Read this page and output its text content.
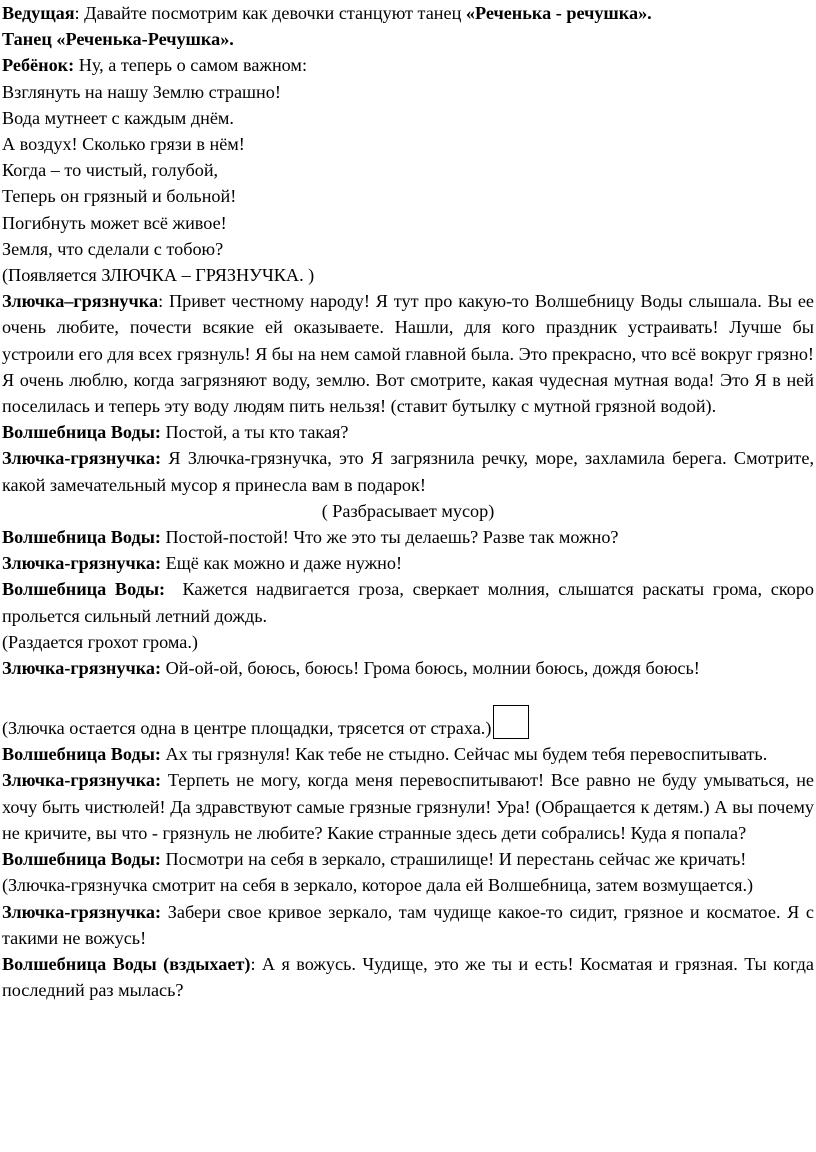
Ведущая: Давайте посмотрим как девочки станцуют танец «Реченька - речушка».

Танец «Реченька-Речушка».

Ребёнок: Ну, а теперь о самом важном:

Взглянуть на нашу Землю страшно!

Вода мутнеет с каждым днём.

А воздух! Сколько грязи в нём!

Когда – то чистый, голубой,

Теперь он грязный и больной!

Погибнуть может всё живое!

Земля, что сделали с тобою?

(Появляется ЗЛЮЧКА – ГРЯЗНУЧКА. )

Злючка–грязнучка: Привет честному народу! Я тут про какую-то Волшебницу Воды слышала. Вы ее очень любите, почести всякие ей оказываете. Нашли, для кого праздник устраивать! Лучше бы устроили его для всех грязнуль! Я бы на нем самой главной была. Это прекрасно, что всё вокруг грязно! Я очень люблю, когда загрязняют воду, землю. Вот смотрите, какая чудесная мутная вода! Это Я в ней поселилась и теперь эту воду людям пить нельзя! (ставит бутылку с мутной грязной водой).

Волшебница Воды: Постой, а ты кто такая?

Злючка-грязнучка: Я Злючка-грязнучка, это Я загрязнила речку, море, захламила берега. Смотрите, какой замечательный мусор я принесла вам в подарок!

( Разбрасывает мусор)

Волшебница Воды: Постой-постой! Что же это ты делаешь? Разве так можно?

Злючка-грязнучка: Ещё как можно и даже нужно!

Волшебница Воды: Кажется надвигается гроза, сверкает молния, слышатся раскаты грома, скоро прольется сильный летний дождь.

(Раздается грохот грома.)

Злючка-грязнучка: Ой-ой-ой, боюсь, боюсь! Грома боюсь, молнии боюсь, дождя боюсь!

(Злючка остается одна в центре площадки, трясется от страха.)

Волшебница Воды: Ах ты грязнуля! Как тебе не стыдно. Сейчас мы будем тебя перевоспитывать.

Злючка-грязнучка: Терпеть не могу, когда меня перевоспитывают! Все равно не буду умываться, не хочу быть чистюлей! Да здравствуют самые грязные грязнули! Ура! (Обращается к детям.) А вы почему не кричите, вы что - грязнуль не любите? Какие странные здесь дети собрались! Куда я попала?

Волшебница Воды: Посмотри на себя в зеркало, страшилище! И перестань сейчас же кричать!

(Злючка-грязнучка смотрит на себя в зеркало, которое дала ей Волшебница, затем возмущается.)

Злючка-грязнучка: Забери свое кривое зеркало, там чудище какое-то сидит, грязное и косматое. Я с такими не вожусь!

Волшебница Воды (вздыхает): А я вожусь. Чудище, это же ты и есть! Косматая и грязная. Ты когда последний раз мылась?
